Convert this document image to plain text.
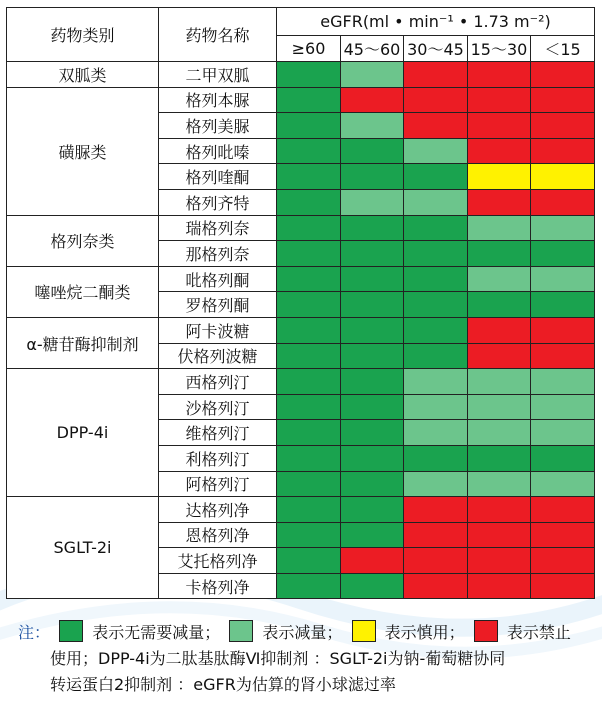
药物类别	药物名称	eGFR(ml • min⁻¹ • 1.73 m⁻²)				
		≥60	45～60	30～45	15～30	＜15
双胍类	二甲双胍					
磺脲类	格列本脲					
	格列美脲					
	格列吡嗪					
	格列喹酮					
	格列齐特					
格列奈类	瑞格列奈					
	那格列奈					
噻唑烷二酮类	吡格列酮					
	罗格列酮					
α-糖苷酶抑制剂	阿卡波糖					
	伏格列波糖					
DPP-4i	西格列汀					
	沙格列汀					
	维格列汀					
	利格列汀					
	阿格列汀					
SGLT-2i	达格列净					
	恩格列净					
	艾托格列净					
	卡格列净					
注：	表示无需要减量；	表示减量；	表示慎用；	表示禁止
使用；DPP-4i为二肽基肽酶Ⅵ抑制剂 ：SGLT-2i为钠-葡萄糖协同
转运蛋白2抑制剂 ：eGFR为估算的肾小球滤过率
